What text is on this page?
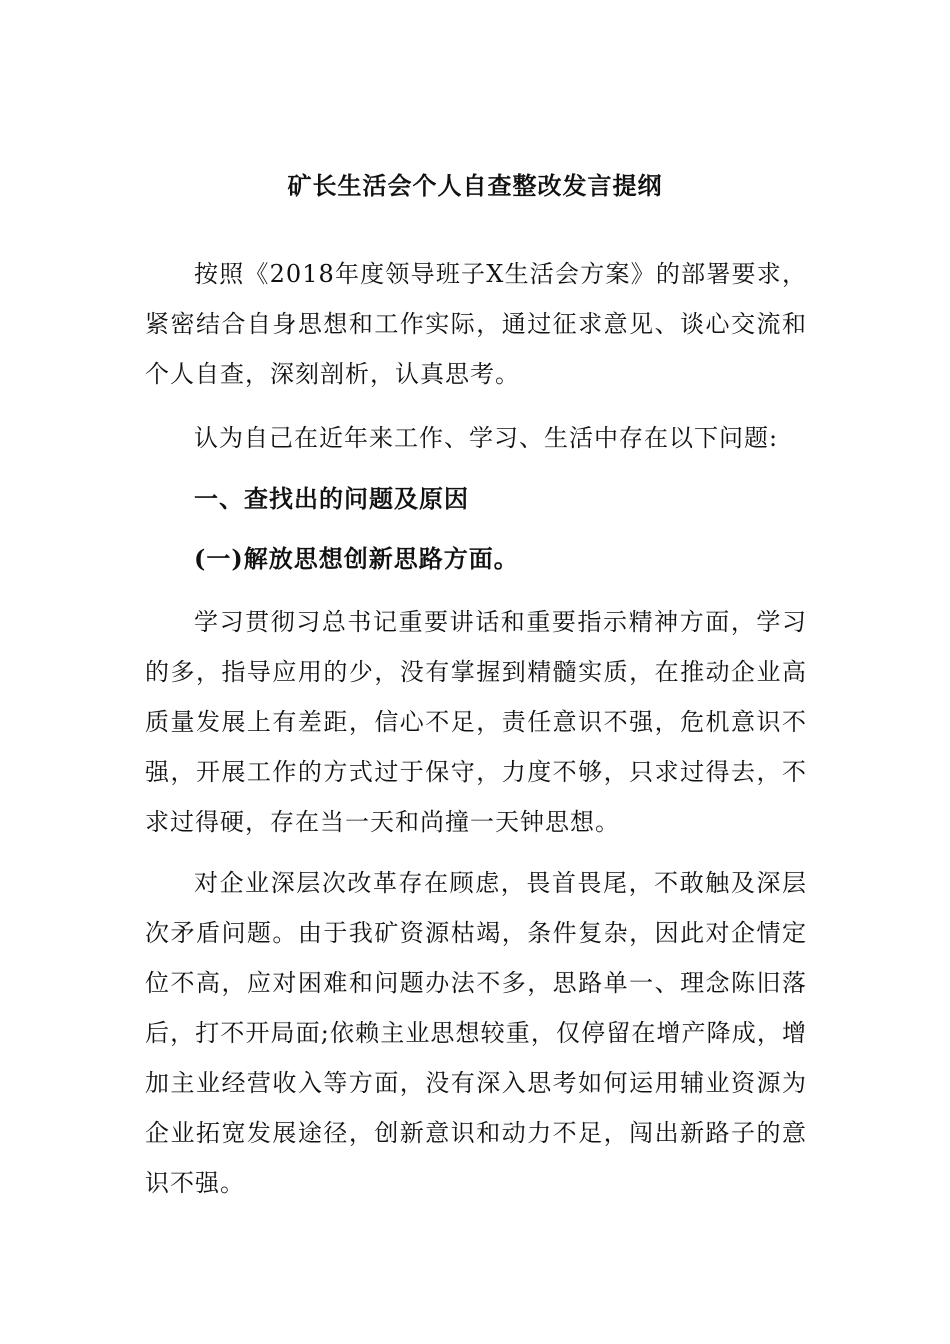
矿长生活会个人自查整改发言提纲

按照《2018年度领导班子X生活会方案》的部署要求，紧密结合自身思想和工作实际，通过征求意见、谈心交流和个人自查，深刻剖析，认真思考。

认为自己在近年来工作、学习、生活中存在以下问题:

一、查找出的问题及原因

(一)解放思想创新思路方面。

学习贯彻习总书记重要讲话和重要指示精神方面，学习的多，指导应用的少，没有掌握到精髓实质，在推动企业高质量发展上有差距，信心不足，责任意识不强，危机意识不强，开展工作的方式过于保守，力度不够，只求过得去，不求过得硬，存在当一天和尚撞一天钟思想。

对企业深层次改革存在顾虑，畏首畏尾，不敢触及深层次矛盾问题。由于我矿资源枯竭，条件复杂，因此对企情定位不高，应对困难和问题办法不多，思路单一、理念陈旧落后，打不开局面;依赖主业思想较重，仅停留在增产降成，增加主业经营收入等方面，没有深入思考如何运用辅业资源为企业拓宽发展途径，创新意识和动力不足，闯出新路子的意识不强。
